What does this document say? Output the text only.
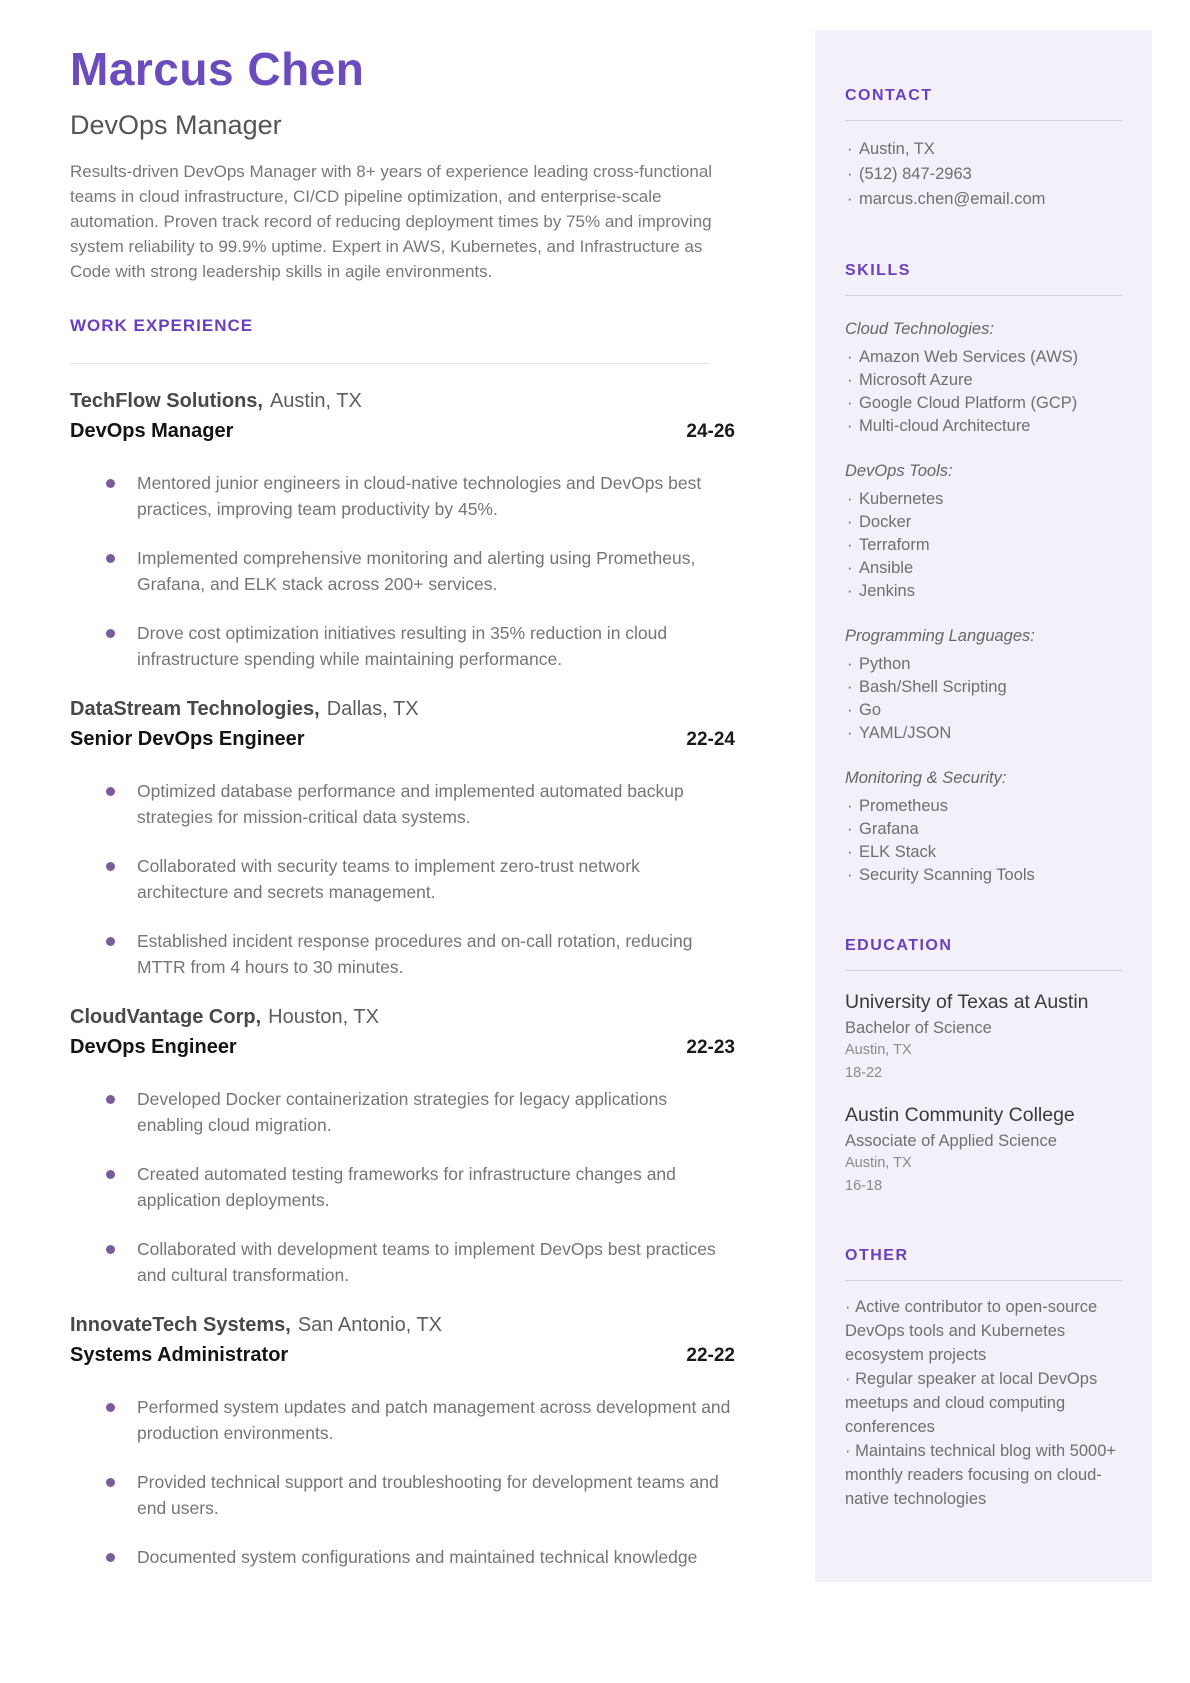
Marcus Chen
DevOps Manager

Results-driven DevOps Manager with 8+ years of experience leading cross-functional teams in cloud infrastructure, CI/CD pipeline optimization, and enterprise-scale automation. Proven track record of reducing deployment times by 75% and improving system reliability to 99.9% uptime. Expert in AWS, Kubernetes, and Infrastructure as Code with strong leadership skills in agile environments.

WORK EXPERIENCE
TechFlow Solutions, Austin, TX
DevOps Manager	24-26
Mentored junior engineers in cloud-native technologies and DevOps best practices, improving team productivity by 45%.
Implemented comprehensive monitoring and alerting using Prometheus, Grafana, and ELK stack across 200+ services.
Drove cost optimization initiatives resulting in 35% reduction in cloud infrastructure spending while maintaining performance.
DataStream Technologies, Dallas, TX
Senior DevOps Engineer	22-24
Optimized database performance and implemented automated backup strategies for mission-critical data systems.
Collaborated with security teams to implement zero-trust network architecture and secrets management.
Established incident response procedures and on-call rotation, reducing MTTR from 4 hours to 30 minutes.
CloudVantage Corp, Houston, TX
DevOps Engineer	22-23
Developed Docker containerization strategies for legacy applications enabling cloud migration.
Created automated testing frameworks for infrastructure changes and application deployments.
Collaborated with development teams to implement DevOps best practices and cultural transformation.
InnovateTech Systems, San Antonio, TX
Systems Administrator	22-22
Performed system updates and patch management across development and production environments.
Provided technical support and troubleshooting for development teams and end users.
Documented system configurations and maintained technical knowledge
CONTACT
· Austin, TX
· (512) 847-2963
· marcus.chen@email.com
SKILLS
Cloud Technologies:
· Amazon Web Services (AWS)
· Microsoft Azure
· Google Cloud Platform (GCP)
· Multi-cloud Architecture
DevOps Tools:
· Kubernetes
· Docker
· Terraform
· Ansible
· Jenkins
Programming Languages:
· Python
· Bash/Shell Scripting
· Go
· YAML/JSON
Monitoring & Security:
· Prometheus
· Grafana
· ELK Stack
· Security Scanning Tools
EDUCATION
University of Texas at Austin
Bachelor of Science
Austin, TX
18-22
Austin Community College
Associate of Applied Science
Austin, TX
16-18
OTHER
· Active contributor to open-source DevOps tools and Kubernetes ecosystem projects
· Regular speaker at local DevOps meetups and cloud computing conferences
· Maintains technical blog with 5000+ monthly readers focusing on cloud-native technologies
